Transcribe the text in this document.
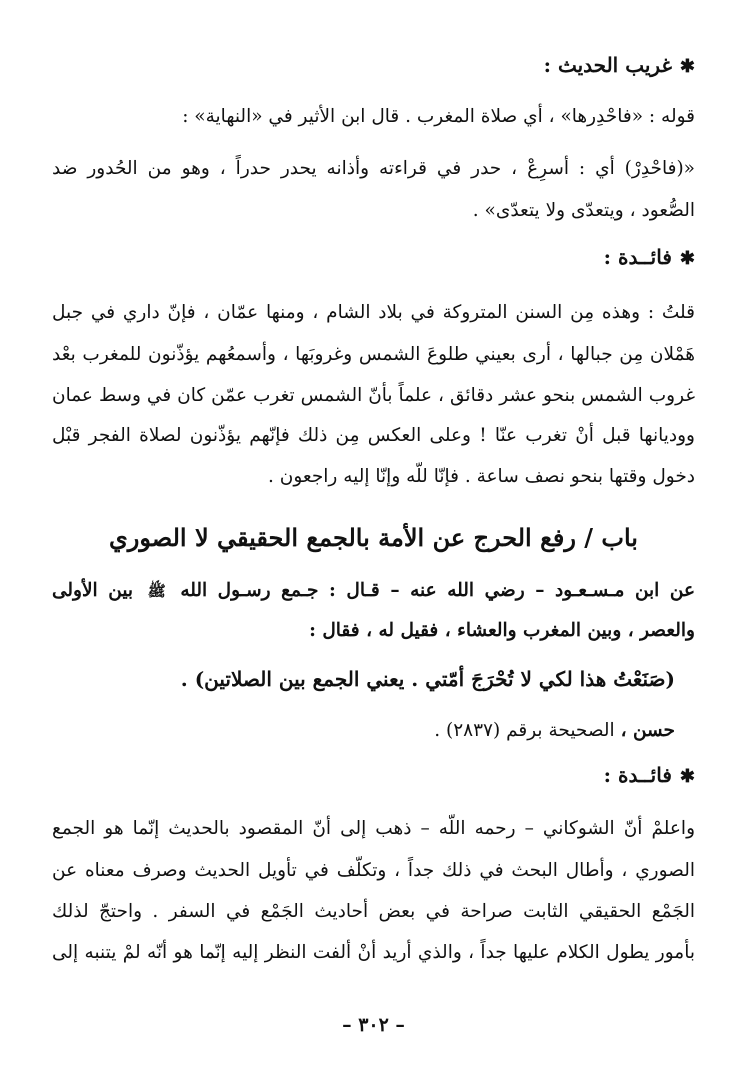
✱غريب الحديث :
قوله : «فاحْدِرها» ، أي صلاة المغرب . قال ابن الأثير في «النهاية» :
«(فاحْدِرْ) أي : أسرِعْ ، حدر في قراءته وأذانه يحدر حدراً ، وهو من الحُدور ضد
الصُّعود ، ويتعدّى ولا يتعدّى» .
✱فائــدة :
قلتُ : وهذه مِن السنن المتروكة في بلاد الشام ، ومنها عمّان ، فإنّ داري في جبل
هَمْلان مِن جبالها ، أرى بعيني طلوعَ الشمس وغروبَها ، وأسمعُهم يؤذّنون للمغرب بعْد
غروب الشمس بنحو عشر دقائق ، علماً بأنّ الشمس تغرب عمّن كان في وسط عمان
ووديانها قبل أنْ تغرب عنّا ! وعلى العكس مِن ذلك فإنّهم يؤذّنون لصلاة الفجر قبْل
دخول وقتها بنحو نصف ساعة . فإنّا للّه وإنّا إليه راجعون .
باب / رفع الحرج عن الأمة بالجمع الحقيقي لا الصوري
عن ابن مـسـعـود – رضي الله عنه – قـال : جـمع رسـول الله ﷺ بين الأولى
والعصر ، وبين المغرب والعشاء ، فقيل له ، فقال :
(صَنَعْتُ هذا لكي لا تُحْرَجَ أمّتي . يعني الجمع بين الصلاتين) .
حسن ، الصحيحة برقم (٢٨٣٧) .
✱فائــدة :
واعلمْ أنّ الشوكاني – رحمه اللّه – ذهب إلى أنّ المقصود بالحديث إنّما هو الجمع
الصوري ، وأطال البحث في ذلك جداً ، وتكلّف في تأويل الحديث وصرف معناه عن
الجَمْع الحقيقي الثابت صراحة في بعض أحاديث الجَمْع في السفر . واحتجّ لذلك
بأمور يطول الكلام عليها جداً ، والذي أريد أنْ ألفت النظر إليه إنّما هو أنّه لمْ يتنبه إلى
– ٣٠٢ –
